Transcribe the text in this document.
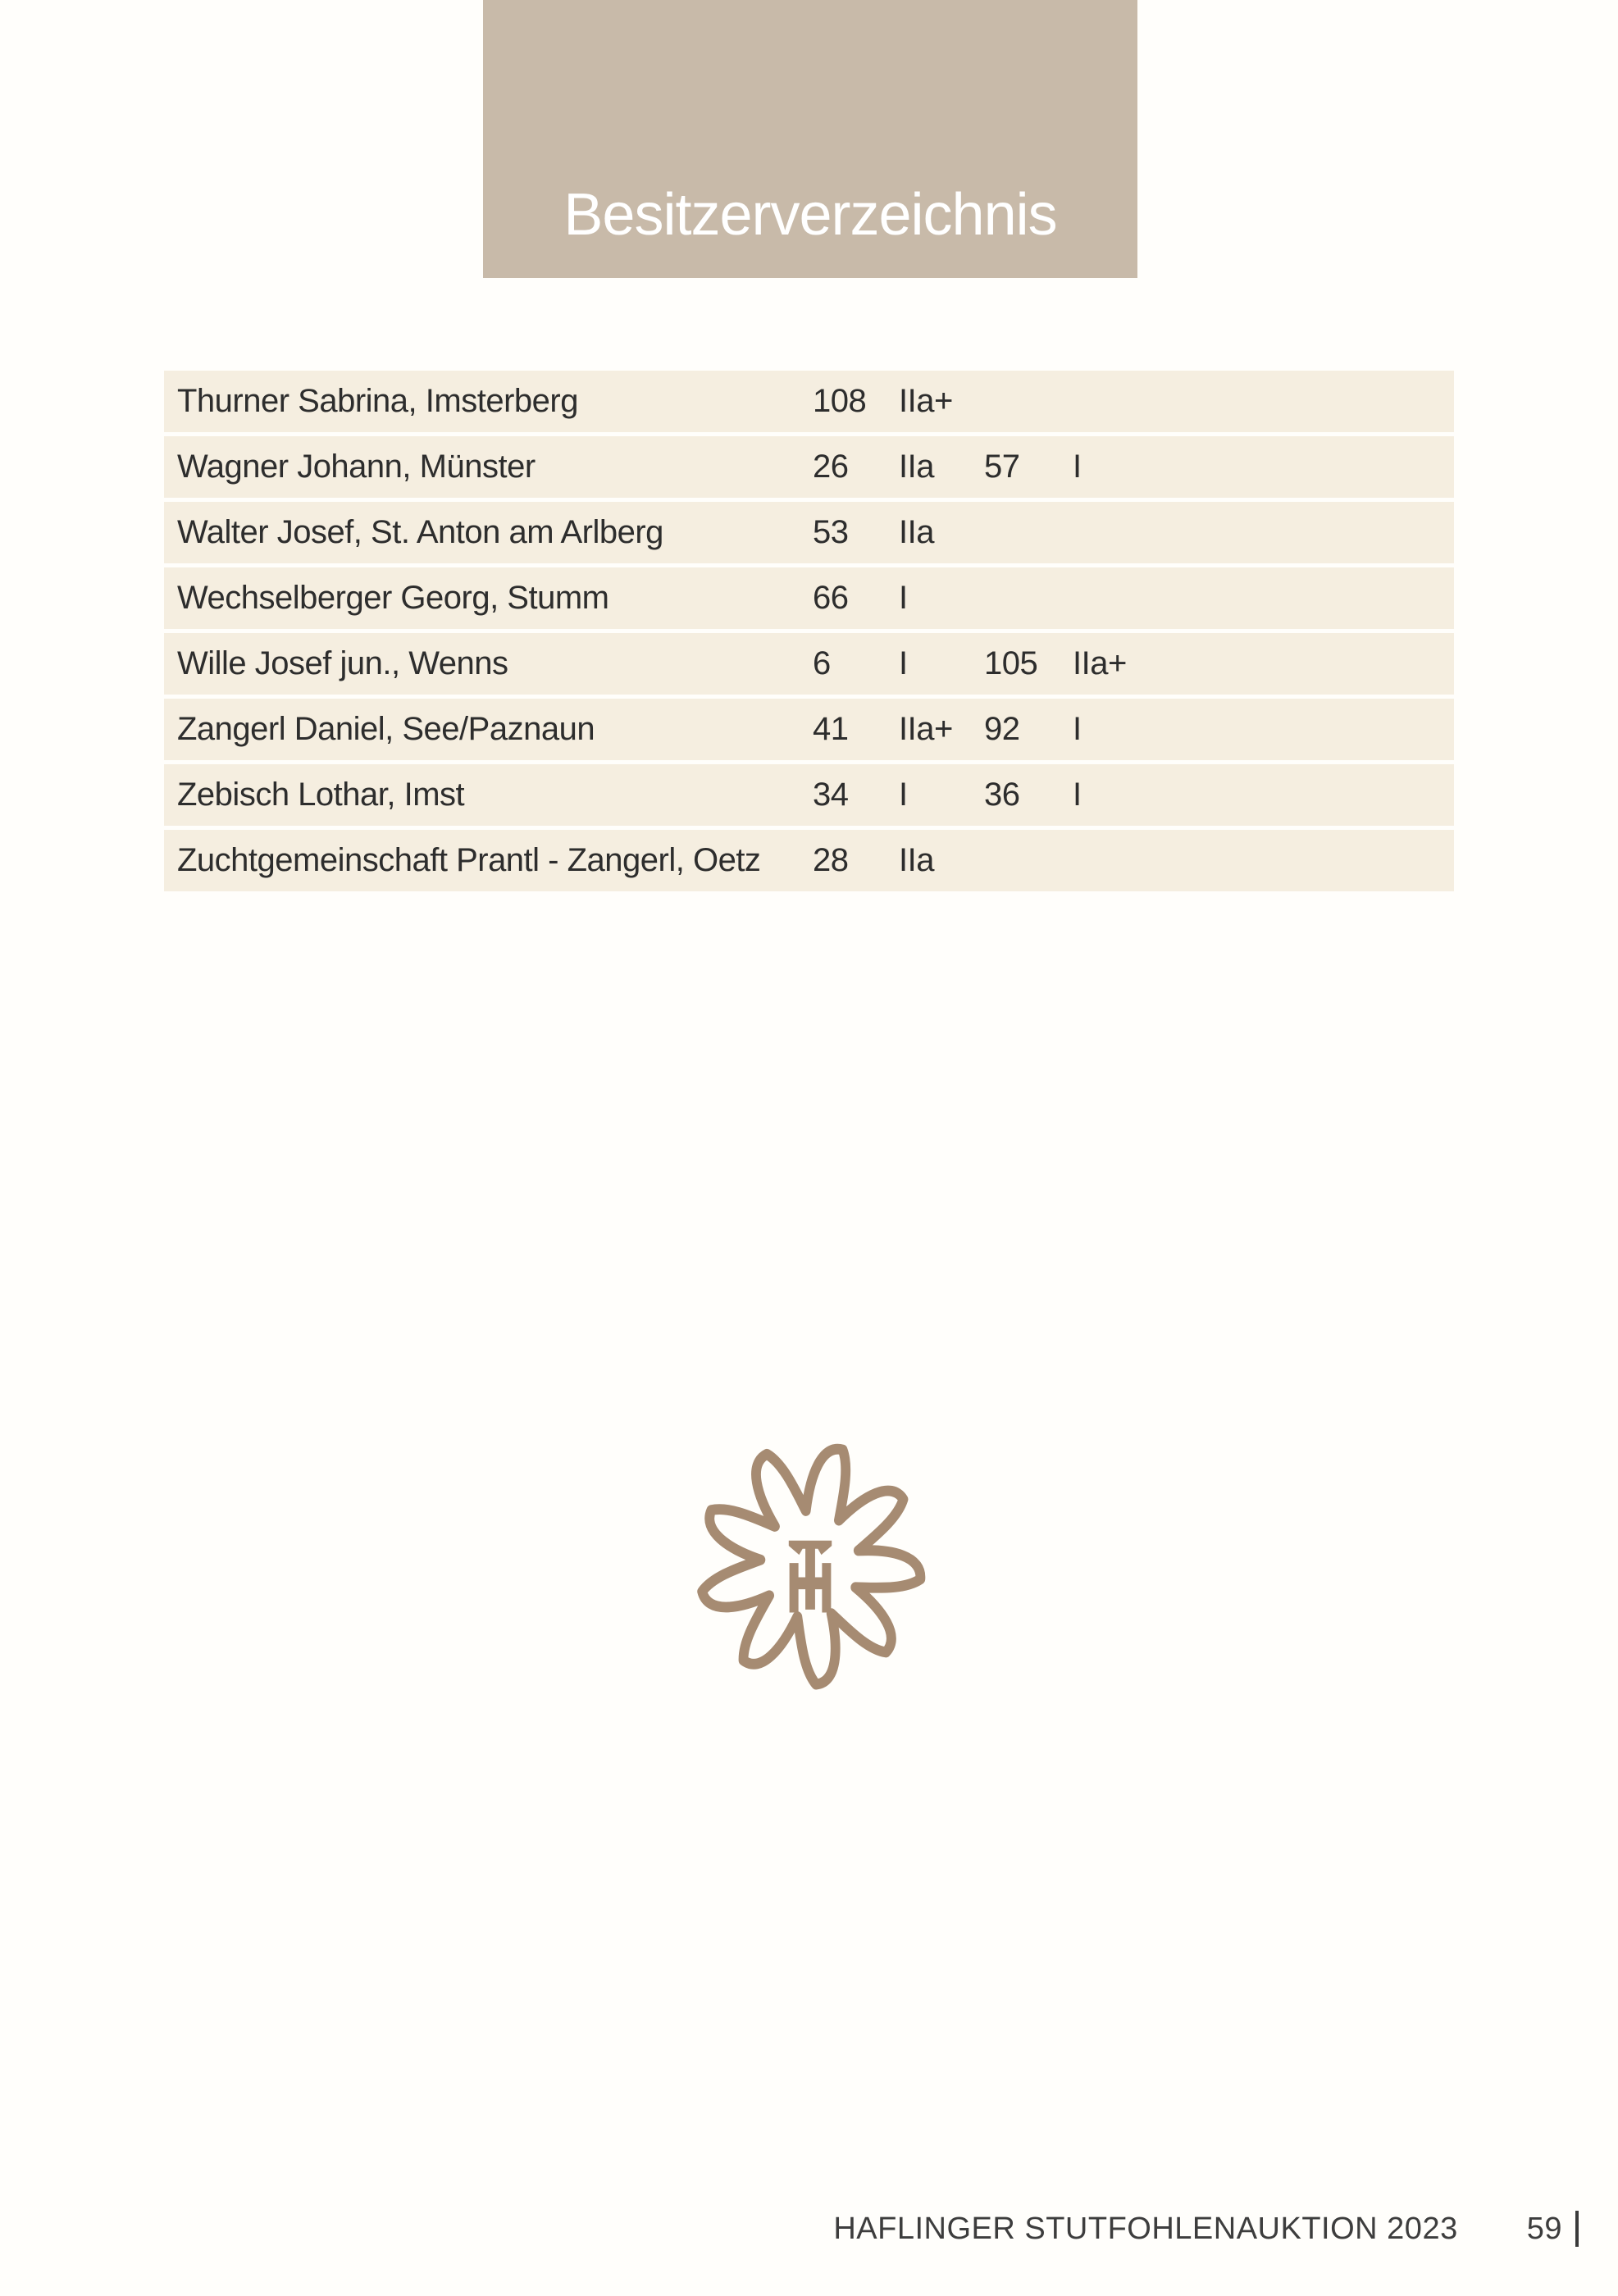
Besitzerverzeichnis
Thurner Sabrina, Imsterberg	108 IIa+
Wagner Johann, Münster	26	IIa	57	I
Walter Josef, St. Anton am Arlberg	53	IIa
Wechselberger Georg, Stumm	66	I
Wille Josef jun., Wenns	6	I	105	IIa+
Zangerl Daniel, See/Paznaun	41	IIa+ 92	I
Zebisch Lothar, Imst	34	I	36	I
Zuchtgemeinschaft Prantl - Zangerl, Oetz	28	IIa
HAFLINGER STUTFOHLENAUKTION 2023 59
